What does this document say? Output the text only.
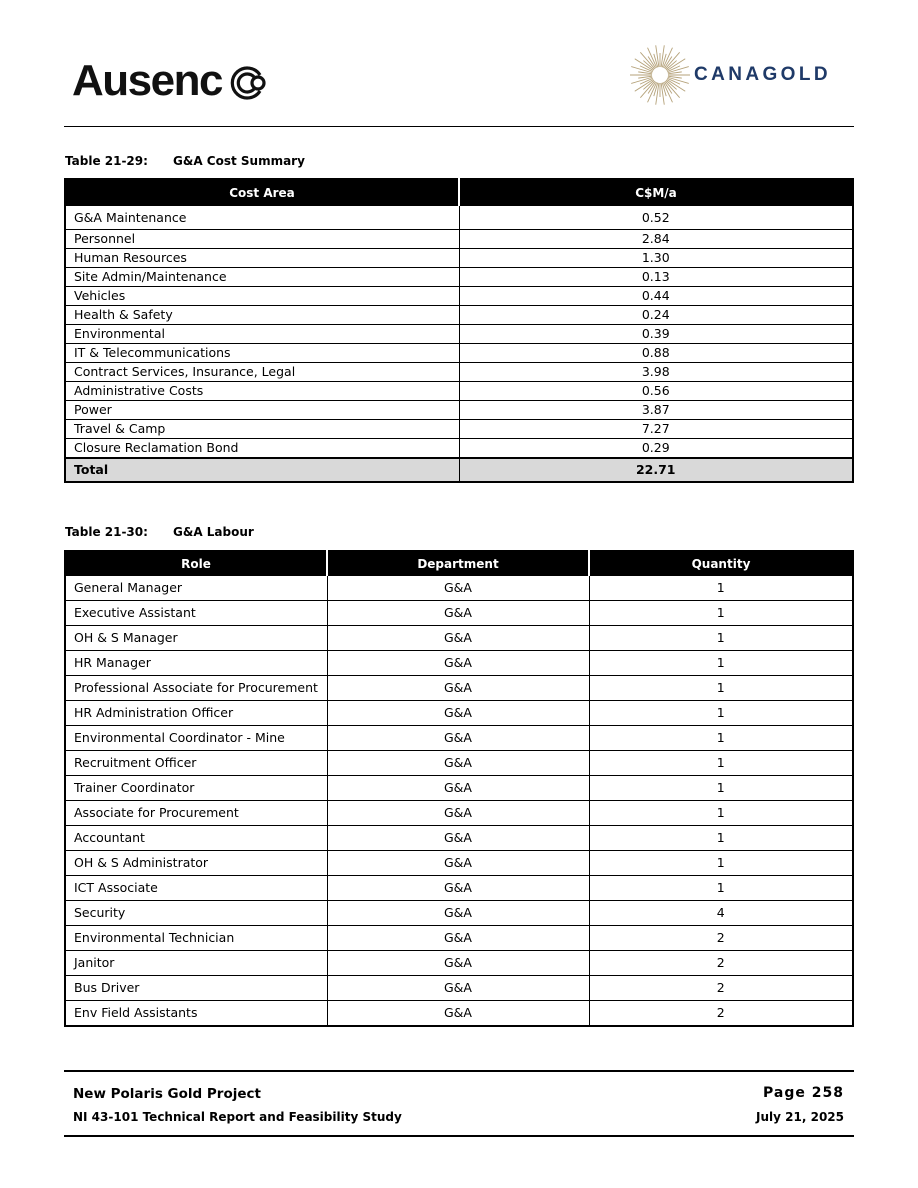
Ausenc	CANAGOLD
Table 21-29: G&A Cost Summary
Cost Area	C$M/a
G&A Maintenance	0.52
Personnel	2.84
Human Resources	1.30
Site Admin/Maintenance	0.13
Vehicles	0.44
Health & Safety	0.24
Environmental	0.39
IT & Telecommunications	0.88
Contract Services, Insurance, Legal	3.98
Administrative Costs	0.56
Power	3.87
Travel & Camp	7.27
Closure Reclamation Bond	0.29
Total	22.71
Table 21-30: G&A Labour
Role	Department	Quantity
General Manager	G&A	1
Executive Assistant	G&A	1
OH & S Manager	G&A	1
HR Manager	G&A	1
Professional Associate for Procurement	G&A	1
HR Administration Officer	G&A	1
Environmental Coordinator - Mine	G&A	1
Recruitment Officer	G&A	1
Trainer Coordinator	G&A	1
Associate for Procurement	G&A	1
Accountant	G&A	1
OH & S Administrator	G&A	1
ICT Associate	G&A	1
Security	G&A	4
Environmental Technician	G&A	2
Janitor	G&A	2
Bus Driver	G&A	2
Env Field Assistants	G&A	2
New Polaris Gold Project
NI 43-101 Technical Report and Feasibility Study
Page 258
July 21, 2025
